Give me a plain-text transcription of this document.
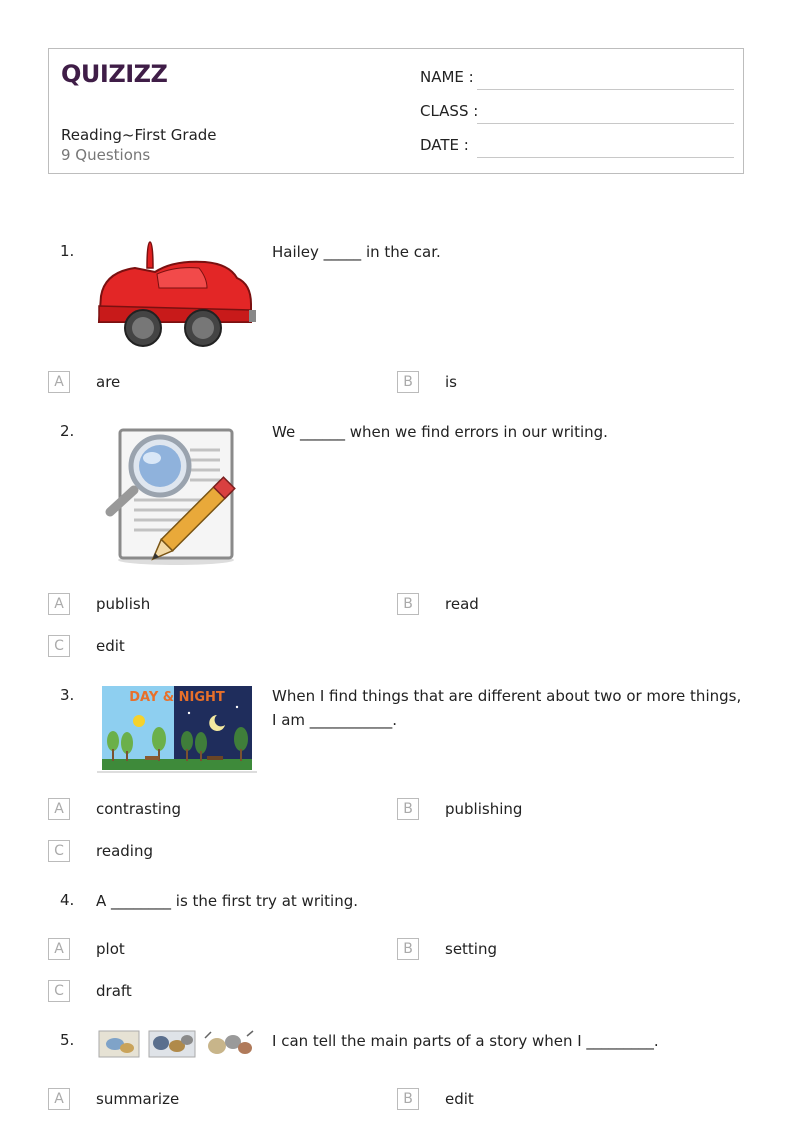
QUIZIZZ
Reading~First Grade
9 Questions
NAME :
CLASS :
DATE :
1.	Hailey _____ in the car.
A	are	B	is
2.	We ______ when we find errors in our writing.
A	publish	B	read
C	edit
3.	DAY & NIGHT	When I find things that are different about two or more things, I am ___________.
A	contrasting	B	publishing
C	reading
4. A ________ is the first try at writing.
A	plot	B	setting
C	draft
5.	I can tell the main parts of a story when I _________.
A	summarize	B	edit
